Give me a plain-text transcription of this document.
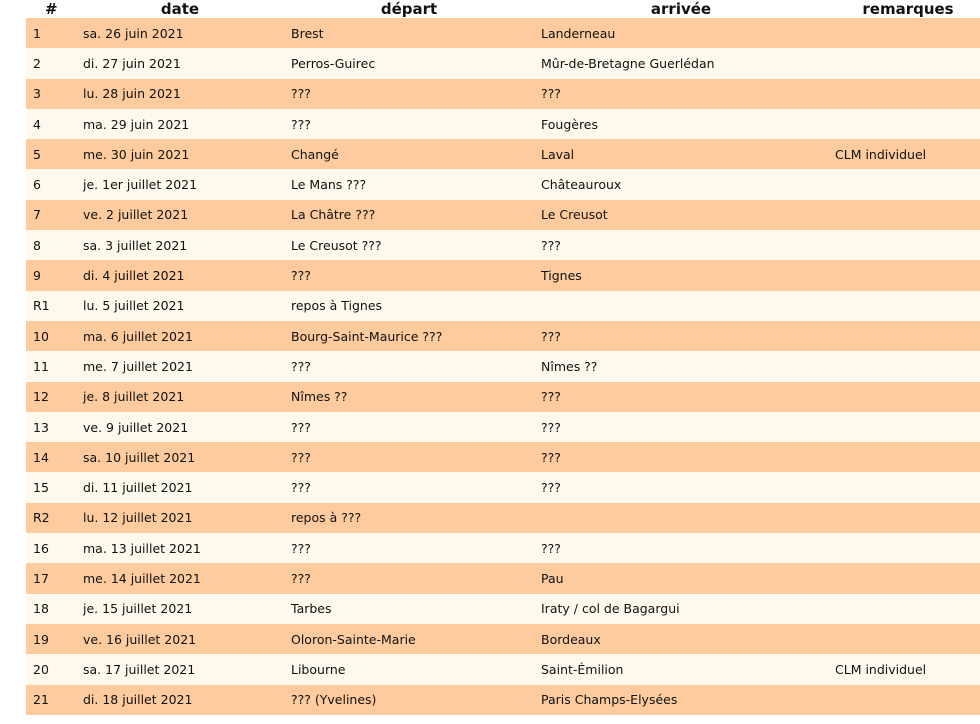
#	date	départ	arrivée	remarques
1	sa. 26 juin 2021	Brest	Landerneau	
2	di. 27 juin 2021	Perros-Guirec	Mûr-de-Bretagne Guerlédan	
3	lu. 28 juin 2021	???	???	
4	ma. 29 juin 2021	???	Fougères	
5	me. 30 juin 2021	Changé	Laval	CLM individuel
6	je. 1er juillet 2021	Le Mans ???	Châteauroux	
7	ve. 2 juillet 2021	La Châtre ???	Le Creusot	
8	sa. 3 juillet 2021	Le Creusot ???	???	
9	di. 4 juillet 2021	???	Tignes	
R1	lu. 5 juillet 2021	repos à Tignes		
10	ma. 6 juillet 2021	Bourg-Saint-Maurice ???	???	
11	me. 7 juillet 2021	???	Nîmes ??	
12	je. 8 juillet 2021	Nîmes ??	???	
13	ve. 9 juillet 2021	???	???	
14	sa. 10 juillet 2021	???	???	
15	di. 11 juillet 2021	???	???	
R2	lu. 12 juillet 2021	repos à ???		
16	ma. 13 juillet 2021	???	???	
17	me. 14 juillet 2021	???	Pau	
18	je. 15 juillet 2021	Tarbes	Iraty / col de Bagargui	
19	ve. 16 juillet 2021	Oloron-Sainte-Marie	Bordeaux	
20	sa. 17 juillet 2021	Libourne	Saint-Émilion	CLM individuel
21	di. 18 juillet 2021	??? (Yvelines)	Paris Champs-Elysées	
